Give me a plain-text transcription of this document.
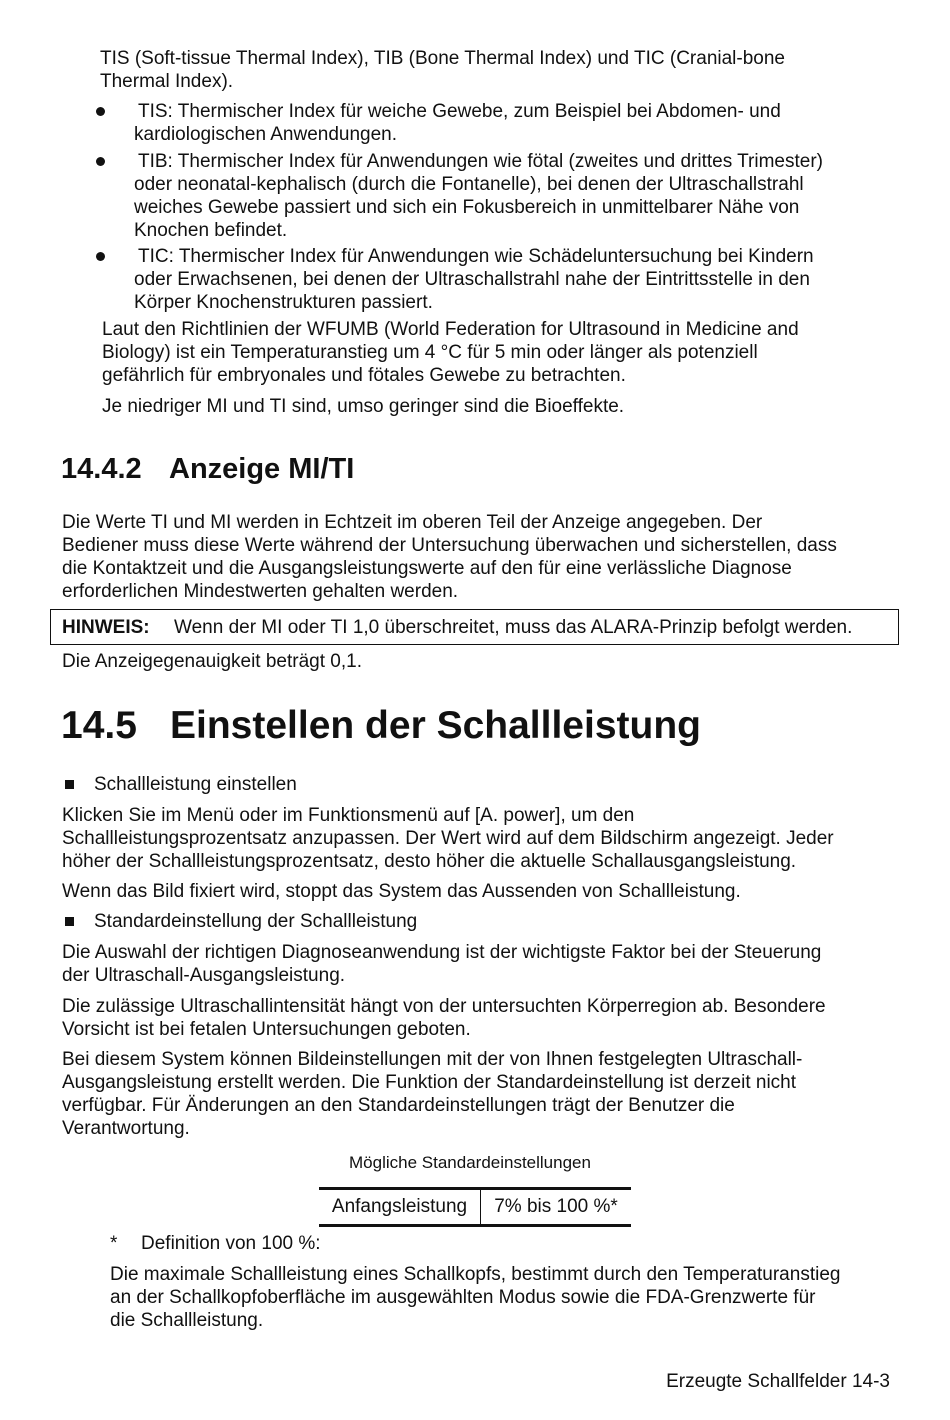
TIS (Soft-tissue Thermal Index), TIB (Bone Thermal Index) und TIC (Cranial-bone
Thermal Index).
TIS: Thermischer Index für weiche Gewebe, zum Beispiel bei Abdomen- und
kardiologischen Anwendungen.
TIB: Thermischer Index für Anwendungen wie fötal (zweites und drittes Trimester)
oder neonatal-kephalisch (durch die Fontanelle), bei denen der Ultraschallstrahl
weiches Gewebe passiert und sich ein Fokusbereich in unmittelbarer Nähe von
Knochen befindet.
TIC: Thermischer Index für Anwendungen wie Schädeluntersuchung bei Kindern
oder Erwachsenen, bei denen der Ultraschallstrahl nahe der Eintrittsstelle in den
Körper Knochenstrukturen passiert.
Laut den Richtlinien der WFUMB (World Federation for Ultrasound in Medicine and
Biology) ist ein Temperaturanstieg um 4 °C für 5 min oder länger als potenziell
gefährlich für embryonales und fötales Gewebe zu betrachten.
Je niedriger MI und TI sind, umso geringer sind die Bioeffekte.
14.4.2 Anzeige MI/TI
Die Werte TI und MI werden in Echtzeit im oberen Teil der Anzeige angegeben. Der
Bediener muss diese Werte während der Untersuchung überwachen und sicherstellen, dass
die Kontaktzeit und die Ausgangsleistungswerte auf den für eine verlässliche Diagnose
erforderlichen Mindestwerten gehalten werden.
HINWEIS: Wenn der MI oder TI 1,0 überschreitet, muss das ALARA-Prinzip befolgt werden.
Die Anzeigegenauigkeit beträgt 0,1.
14.5 Einstellen der Schallleistung
Schallleistung einstellen
Klicken Sie im Menü oder im Funktionsmenü auf [A. power], um den
Schallleistungsprozentsatz anzupassen. Der Wert wird auf dem Bildschirm angezeigt. Jeder
höher der Schallleistungsprozentsatz, desto höher die aktuelle Schallausgangsleistung.
Wenn das Bild fixiert wird, stoppt das System das Aussenden von Schallleistung.
Standardeinstellung der Schallleistung
Die Auswahl der richtigen Diagnoseanwendung ist der wichtigste Faktor bei der Steuerung
der Ultraschall-Ausgangsleistung.
Die zulässige Ultraschallintensität hängt von der untersuchten Körperregion ab. Besondere
Vorsicht ist bei fetalen Untersuchungen geboten.
Bei diesem System können Bildeinstellungen mit der von Ihnen festgelegten Ultraschall-
Ausgangsleistung erstellt werden. Die Funktion der Standardeinstellung ist derzeit nicht
verfügbar. Für Änderungen an den Standardeinstellungen trägt der Benutzer die
Verantwortung.
Mögliche Standardeinstellungen
Anfangsleistung	7% bis 100 %*
* Definition von 100 %:
Die maximale Schallleistung eines Schallkopfs, bestimmt durch den Temperaturanstieg
an der Schallkopfoberfläche im ausgewählten Modus sowie die FDA-Grenzwerte für
die Schallleistung.
Erzeugte Schallfelder 14-3
